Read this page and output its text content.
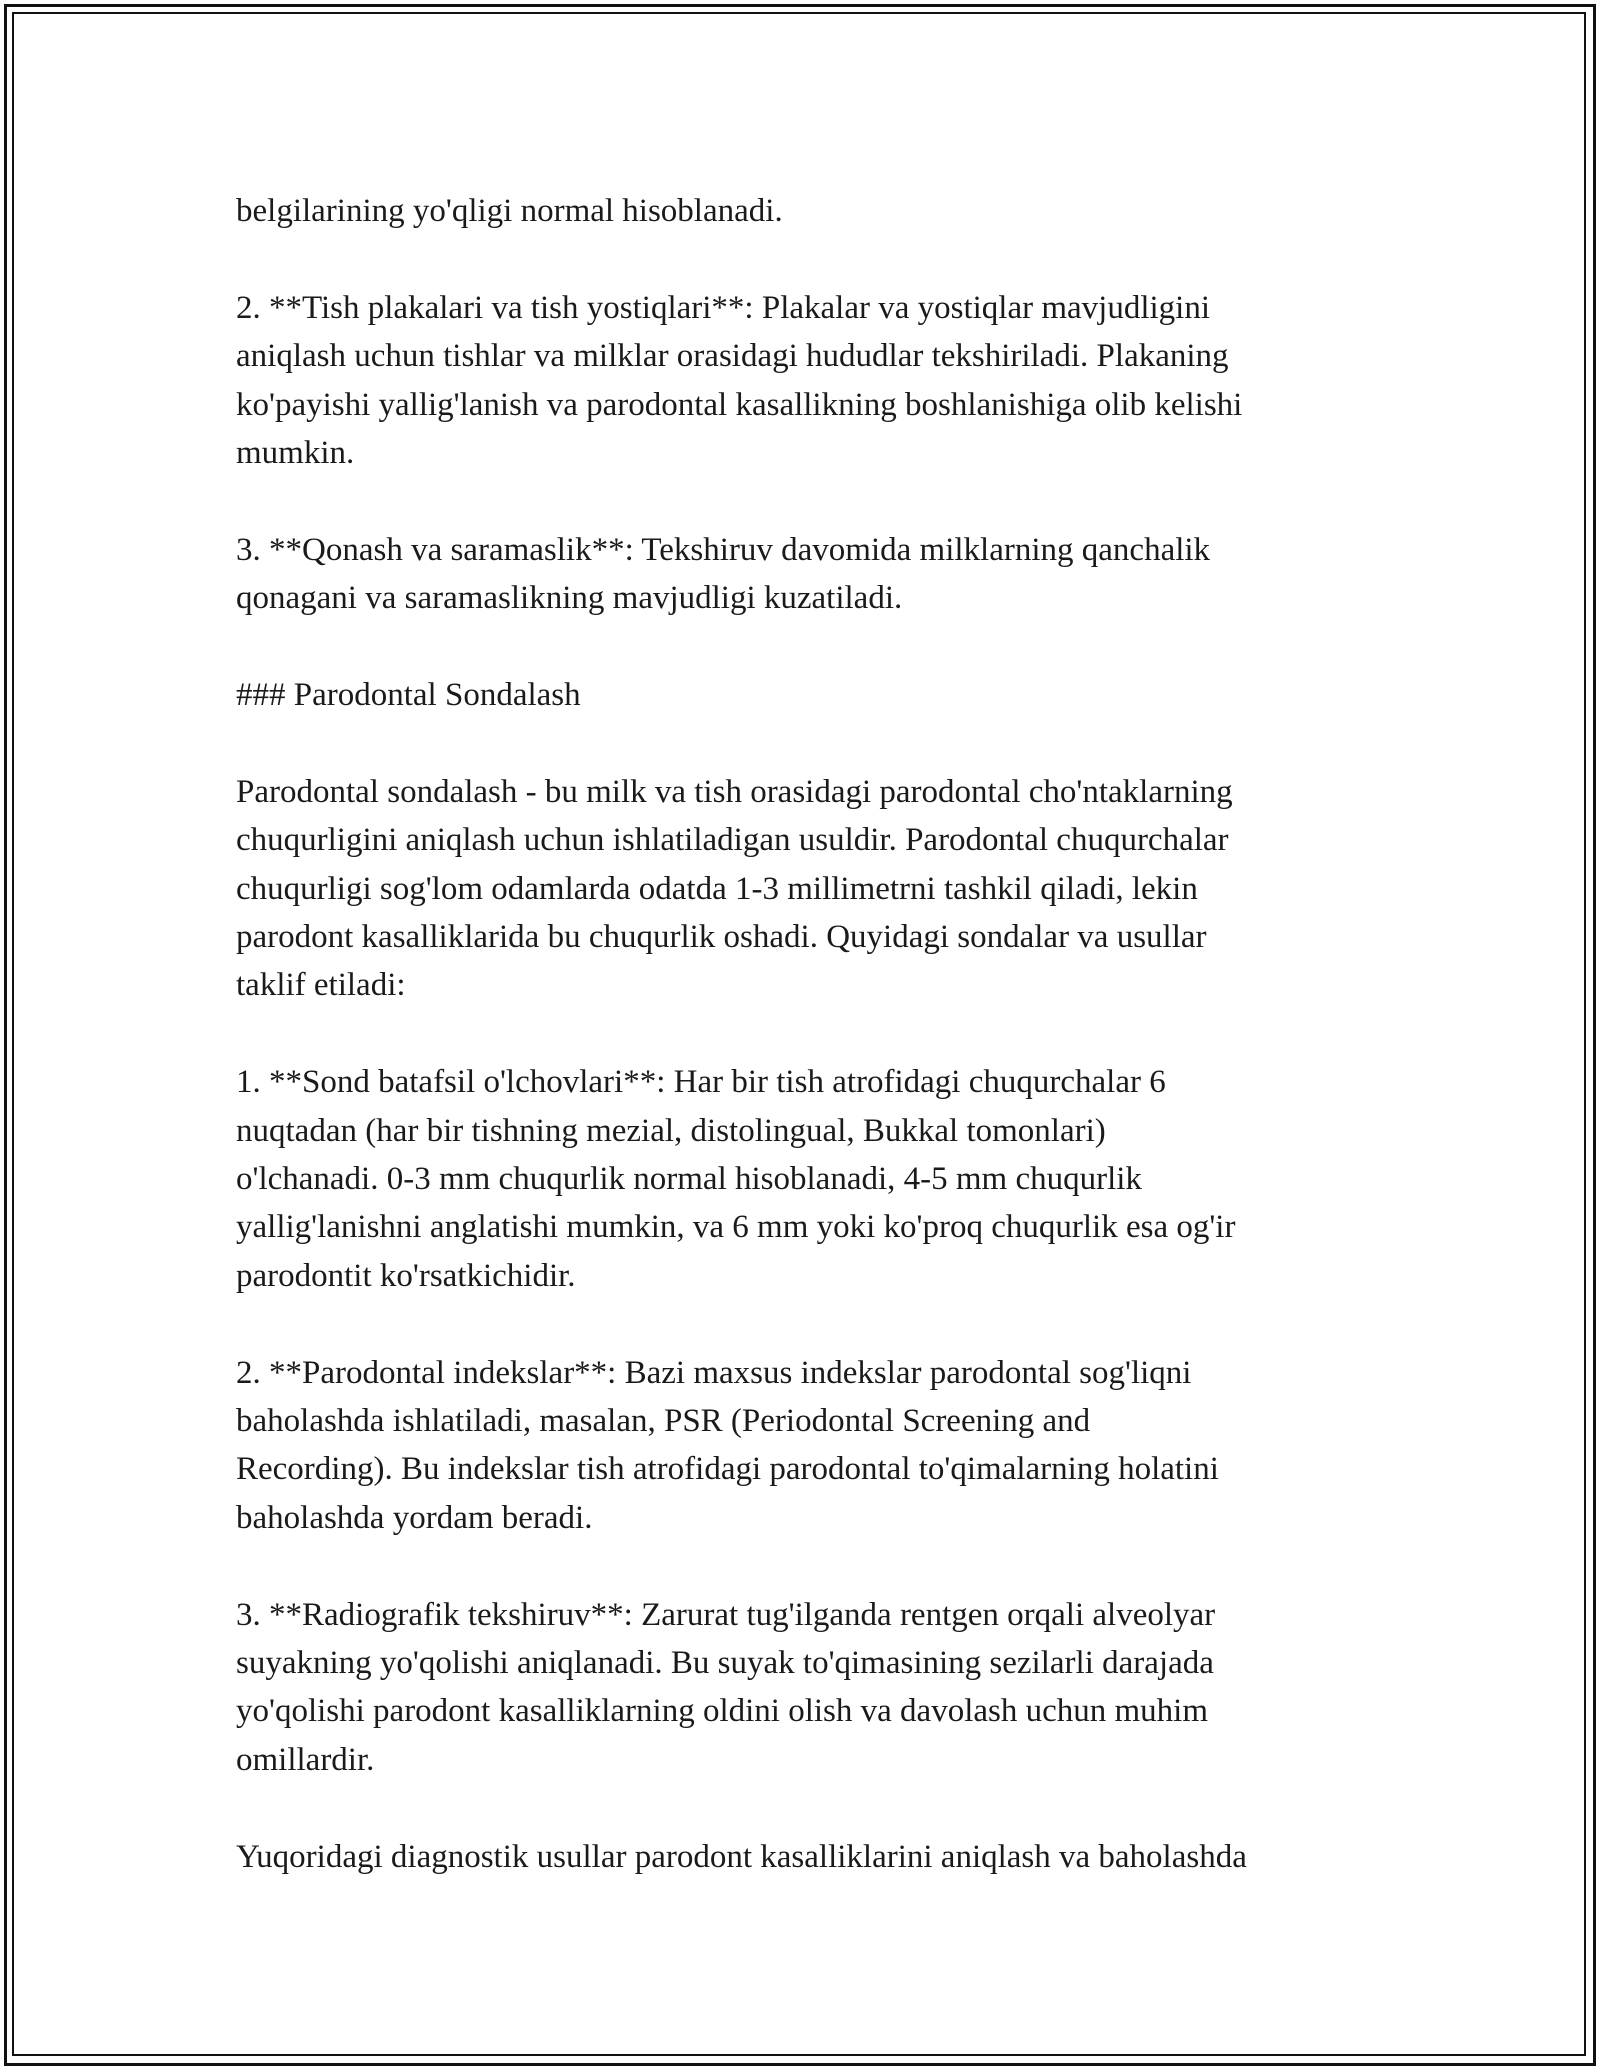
belgilarining yo'qligi normal hisoblanadi.

2. **Tish plakalari va tish yostiqlari**: Plakalar va yostiqlar mavjudligini
aniqlash uchun tishlar va milklar orasidagi hududlar tekshiriladi. Plakaning
ko'payishi yallig'lanish va parodontal kasallikning boshlanishiga olib kelishi
mumkin.

3. **Qonash va saramaslik**: Tekshiruv davomida milklarning qanchalik
qonagani va saramaslikning mavjudligi kuzatiladi.

### Parodontal Sondalash

Parodontal sondalash - bu milk va tish orasidagi parodontal cho'ntaklarning
chuqurligini aniqlash uchun ishlatiladigan usuldir. Parodontal chuqurchalar
chuqurligi sog'lom odamlarda odatda 1-3 millimetrni tashkil qiladi, lekin
parodont kasalliklarida bu chuqurlik oshadi. Quyidagi sondalar va usullar
taklif etiladi:

1. **Sond batafsil o'lchovlari**: Har bir tish atrofidagi chuqurchalar 6
nuqtadan (har bir tishning mezial, distolingual, Bukkal tomonlari)
o'lchanadi. 0-3 mm chuqurlik normal hisoblanadi, 4-5 mm chuqurlik
yallig'lanishni anglatishi mumkin, va 6 mm yoki ko'proq chuqurlik esa og'ir
parodontit ko'rsatkichidir.

2. **Parodontal indekslar**: Bazi maxsus indekslar parodontal sog'liqni
baholashda ishlatiladi, masalan, PSR (Periodontal Screening and
Recording). Bu indekslar tish atrofidagi parodontal to'qimalarning holatini
baholashda yordam beradi.

3. **Radiografik tekshiruv**: Zarurat tug'ilganda rentgen orqali alveolyar
suyakning yo'qolishi aniqlanadi. Bu suyak to'qimasining sezilarli darajada
yo'qolishi parodont kasalliklarning oldini olish va davolash uchun muhim
omillardir.

Yuqoridagi diagnostik usullar parodont kasalliklarini aniqlash va baholashda
